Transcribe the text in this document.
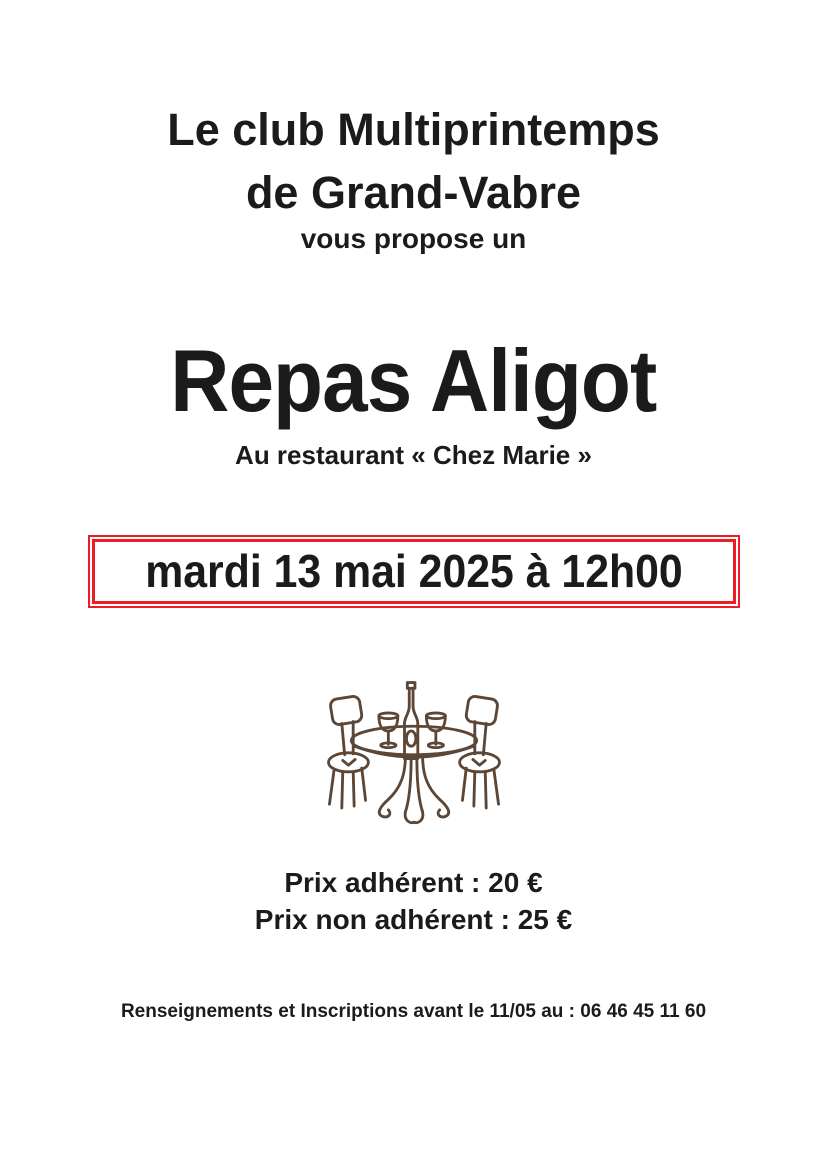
Le club Multiprintemps
de Grand-Vabre
vous propose un
Repas Aligot
Au restaurant « Chez Marie »
mardi 13 mai 2025 à 12h00
Prix adhérent : 20 €
Prix non adhérent : 25 €
Renseignements et Inscriptions avant le 11/05 au : 06 46 45 11 60
